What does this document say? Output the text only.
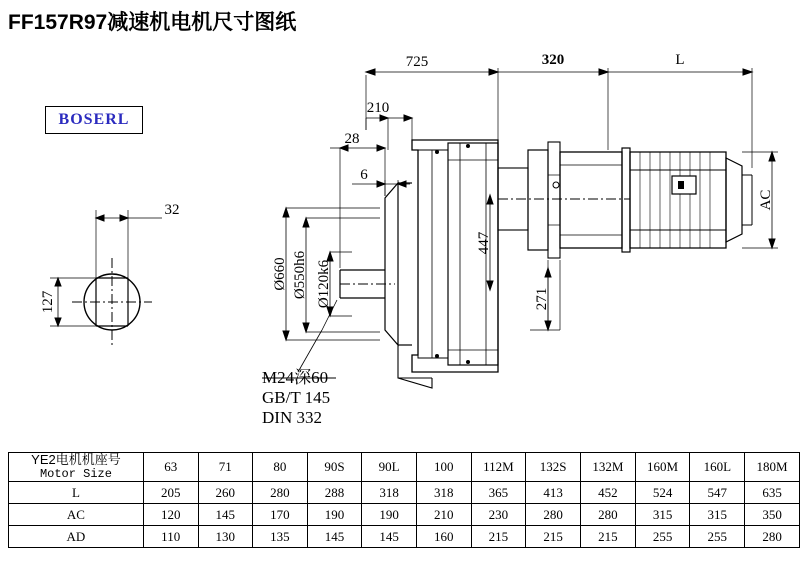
FF157R97减速机电机尺寸图纸
BOSERL
725	320	L
210
28
6
32
127
Ø660 Ø550h6 Ø120k6
447
271
AC
M24深60
GB/T 145
DIN 332
YE2电机机座号
Motor Size	63	71	80	90S	90L	100	112M	132S	132M	160M	160L	180M
L	205	260	280	288	318	318	365	413	452	524	547	635
AC	120	145	170	190	190	210	230	280	280	315	315	350
AD	110	130	135	145	145	160	215	215	215	255	255	280
